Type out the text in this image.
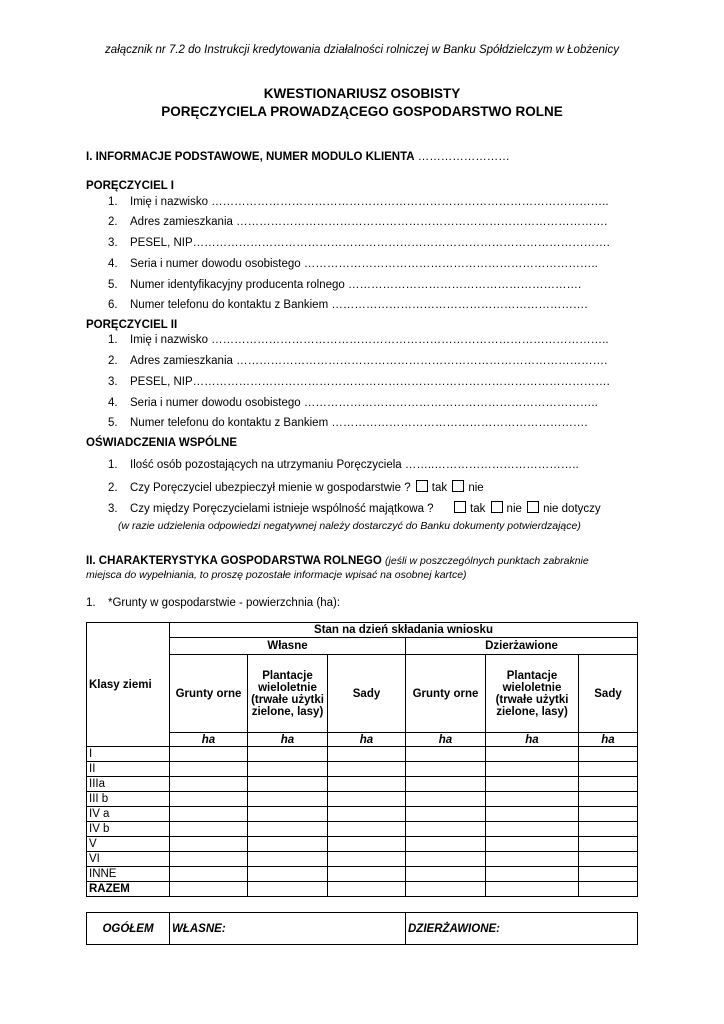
załącznik nr 7.2 do Instrukcji kredytowania działalności rolniczej w Banku Spółdzielczym w Łobżenicy
KWESTIONARIUSZ OSOBISTY
PORĘCZYCIELA PROWADZĄCEGO GOSPODARSTWO ROLNE
I. INFORMACJE PODSTAWOWE, NUMER MODULO KLIENTA ……………………
PORĘCZYCIEL I
1. Imię i nazwisko …………………………………………………………………………………………..
2. Adres zamieszkania …………………………………………………………………………………….
3. PESEL, NIP……………………………………………………………………………………………….
4. Seria i numer dowodu osobistego …………………………………………………………………..
5. Numer identyfikacyjny producenta rolnego …………………………………………………….
6. Numer telefonu do kontaktu z Bankiem ………………………………………………………….
PORĘCZYCIEL II
1. Imię i nazwisko …………………………………………………………………………………………..
2. Adres zamieszkania …………………………………………………………………………………….
3. PESEL, NIP……………………………………………………………………………………………….
4. Seria i numer dowodu osobistego …………………………………………………………………..
5. Numer telefonu do kontaktu z Bankiem ………………………………………………………….
OŚWIADCZENIA WSPÓLNE
1. Ilość osób pozostających na utrzymaniu Poręczyciela ……..………………………………..
2. Czy Poręczyciel ubezpieczył mienie w gospodarstwie ? tak nie
3. Czy między Poręczycielami istnieje wspólność majątkowa ?	tak nie nie dotyczy
(w razie udzielenia odpowiedzi negatywnej należy dostarczyć do Banku dokumenty potwierdzające)
II. CHARAKTERYSTYKA GOSPODARSTWA ROLNEGO (jeśli w poszczególnych punktach zabraknie
miejsca do wypełniania, to proszę pozostałe informacje wpisać na osobnej kartce)
1. *Grunty w gospodarstwie - powierzchnia (ha):
Klasy ziemi	Stan na dzień składania wniosku					
	Własne			Dzierżawione		
	Grunty orne	Plantacje wieloletnie (trwałe użytki zielone, lasy)	Sady	Grunty orne	Plantacje wieloletnie (trwałe użytki zielone, lasy)	Sady
	ha	ha	ha	ha	ha	ha
I						
II						
IIIa						
III b						
IV a						
IV b						
V						
VI						
INNE						
RAZEM						
OGÓŁEM	WŁASNE:	DZIERŻAWIONE:
